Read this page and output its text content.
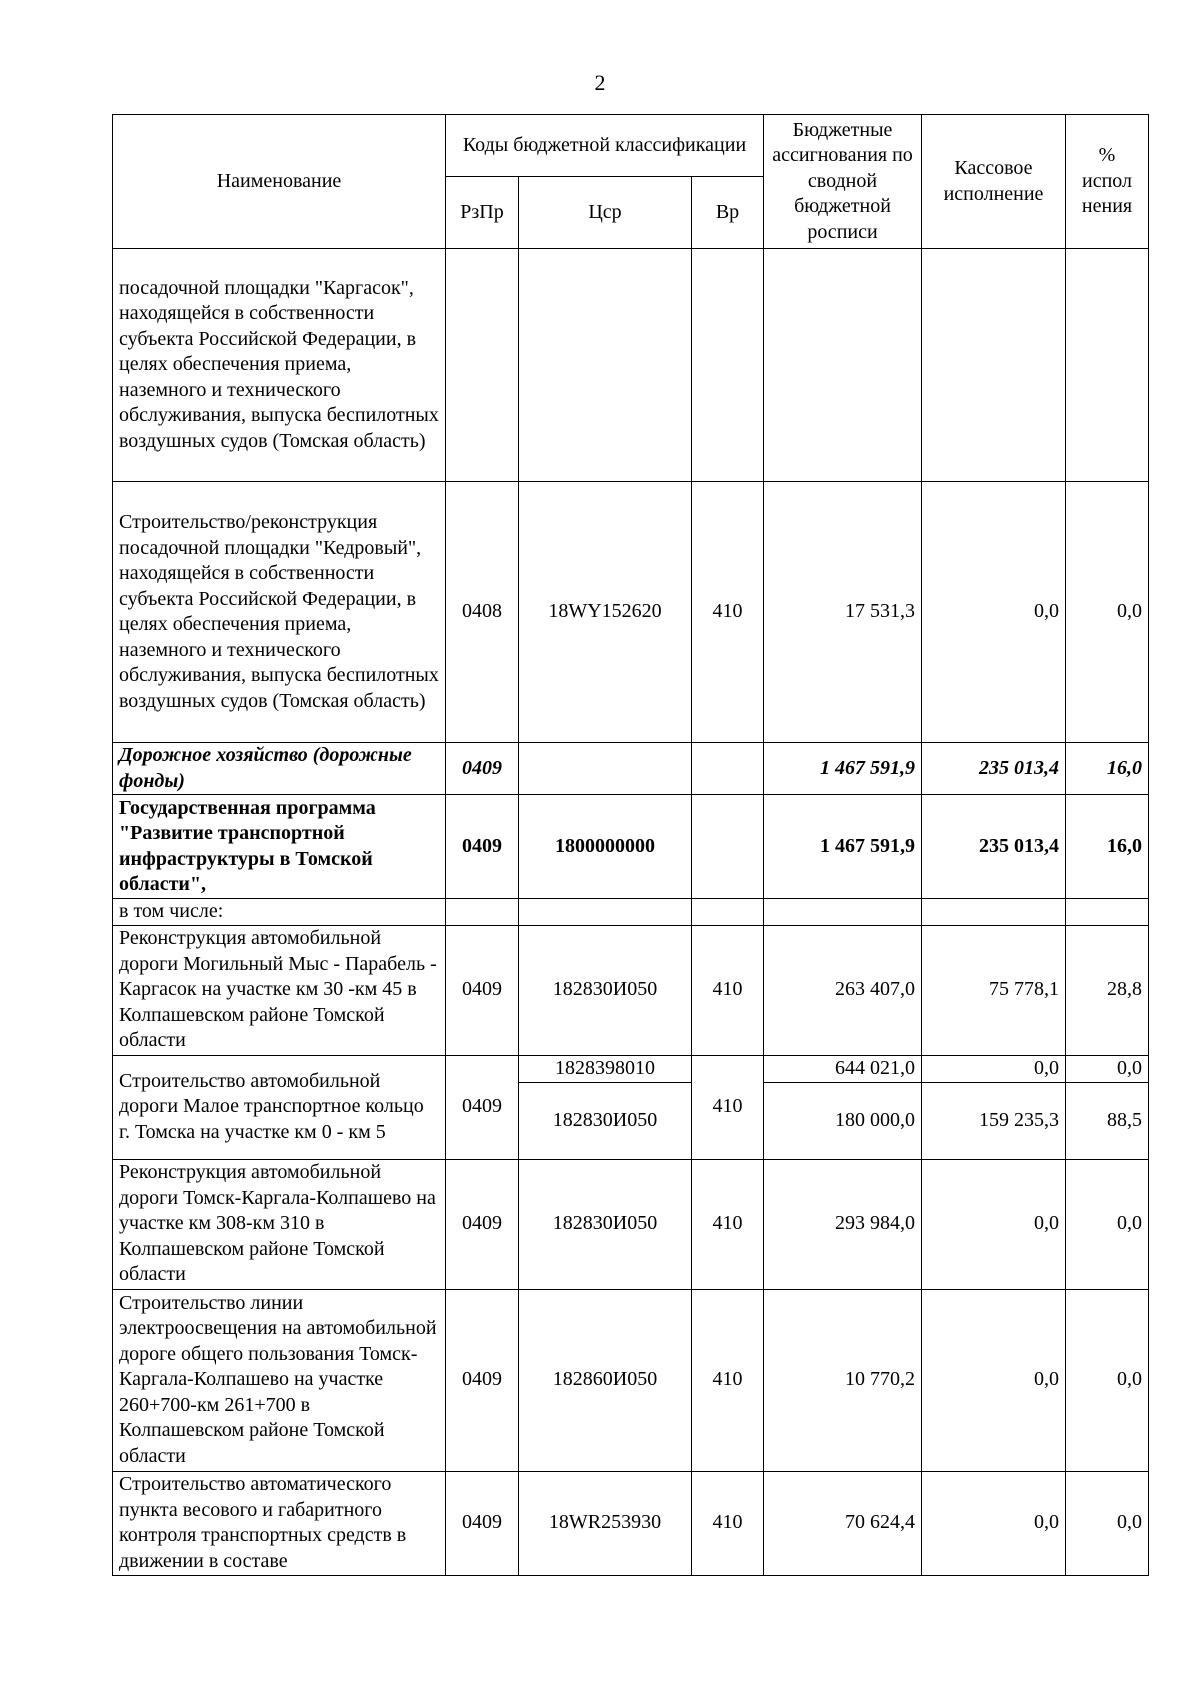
2
Наименование	Коды бюджетной классификации			Бюджетные ассигнования по сводной бюджетной росписи	Кассовое исполнение	% испол нения
	РзПр	Цср	Вр			
посадочной площадки "Каргасок", находящейся в собственности субъекта Российской Федерации, в целях обеспечения приема, наземного и технического обслуживания, выпуска беспилотных воздушных судов (Томская область)						
Строительство/реконструкция посадочной площадки "Кедровый", находящейся в собственности субъекта Российской Федерации, в целях обеспечения приема, наземного и технического обслуживания, выпуска беспилотных воздушных судов (Томская область)	0408	18WY152620	410	17 531,3	0,0	0,0
Дорожное хозяйство (дорожные фонды)	0409			1 467 591,9	235 013,4	16,0
Государственная программа "Развитие транспортной инфраструктуры в Томской области",	0409	1800000000		1 467 591,9	235 013,4	16,0
в том числе:						
Реконструкция автомобильной дороги Могильный Мыс - Парабель - Каргасок на участке км 30 -км 45 в Колпашевском районе Томской области	0409	182830И050	410	263 407,0	75 778,1	28,8
Строительство автомобильной дороги Малое транспортное кольцо г. Томска на участке км 0 - км 5	0409	1828398010	410	644 021,0	0,0	0,0
		182830И050		180 000,0	159 235,3	88,5
Реконструкция автомобильной дороги Томск-Каргала-Колпашево на участке км 308-км 310 в Колпашевском районе Томской области	0409	182830И050	410	293 984,0	0,0	0,0
Строительство линии электроосвещения на автомобильной дороге общего пользования Томск-Каргала-Колпашево на участке 260+700-км 261+700 в Колпашевском районе Томской области	0409	182860И050	410	10 770,2	0,0	0,0
Строительство автоматического пункта весового и габаритного контроля транспортных средств в движении в составе	0409	18WR253930	410	70 624,4	0,0	0,0
